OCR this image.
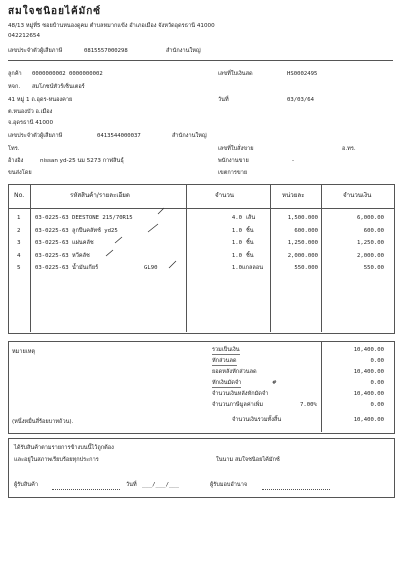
สมใจชนิอยไค้มักซ์
48/13 หมู่ที่5 ซอยบ้านหนองดูคม ตำบลหมากแข้ง อำเภอเมือง จังหวัดอุดรธานี 41000
042212654
เลขประจำตัวผู้เสียภาษี	0815557000298	สำนักงานใหญ่
ลูกค้า 0000000002 0000000002	เลขที่ใบเงินสด	HS0002495
หจก. สมโภชน์ทัวร์เซ็นเตอร์
41 หมู่ 1 ถ.อุดร-หนองคาย	วันที่	03/03/64
ต.หนองบัว อ.เมือง
จ.อุดรธานี 41000
เลขประจำตัวผู้เสียภาษี	0413544000037	สำนักงานใหญ่
โทร.	เลขที่ใบสั่งขาย	อ.ทร.
อ้างอิง	nissan yd-25 นม 5273 กาฬสินธุ์	พนักงานขาย	-
ขนส่งโดย	เขตการขาย
No.	รหัสสินค้า/รายละเอียด	จำนวน	หน่วยละ	จำนวนเงิน
1	03-0225-63 DEESTONE 215/70R15	4.0 เส้น	1,500.000	6,000.00
2	03-0225-63 ลูกปืนคลัทช์ yd25	1.0 ชิ้น	600.000	600.00
3	03-0225-63 แผ่นคลัช	1.0 ชิ้น	1,250.000	1,250.00
4	03-0225-63 หวีคลัช	1.0 ชิ้น	2,000.000	2,000.00
5	03-0225-63 น้ำมันเกียร์	GL90	1.0 แกลลอน	550.000	550.00
หมายเหตุ
(หนึ่งหมื่นสี่ร้อยบาทถ้วน).
รวมเป็นเงิน	10,400.00
หักส่วนลด	0.00
ยอดหลังหักส่วนลด	10,400.00
หักเงินมัดจำ	#	0.00
จำนวนเงินหลังหักมัดจำ	10,400.00
จำนวนภาษีมูลค่าเพิ่ม	7.00%	0.00
จำนวนเงินรวมทั้งสิ้น	10,400.00
ได้รับสินค้าตามรายการข้างบนนี้ไว้ถูกต้อง
และอยู่ในสภาพเรียบร้อยทุกประการ	ในนาม สมใจชนิอยไค้มักซ์
ผู้รับสินค้า	วันที่ ___/___/___	ผู้รับมอบอำนาจ
